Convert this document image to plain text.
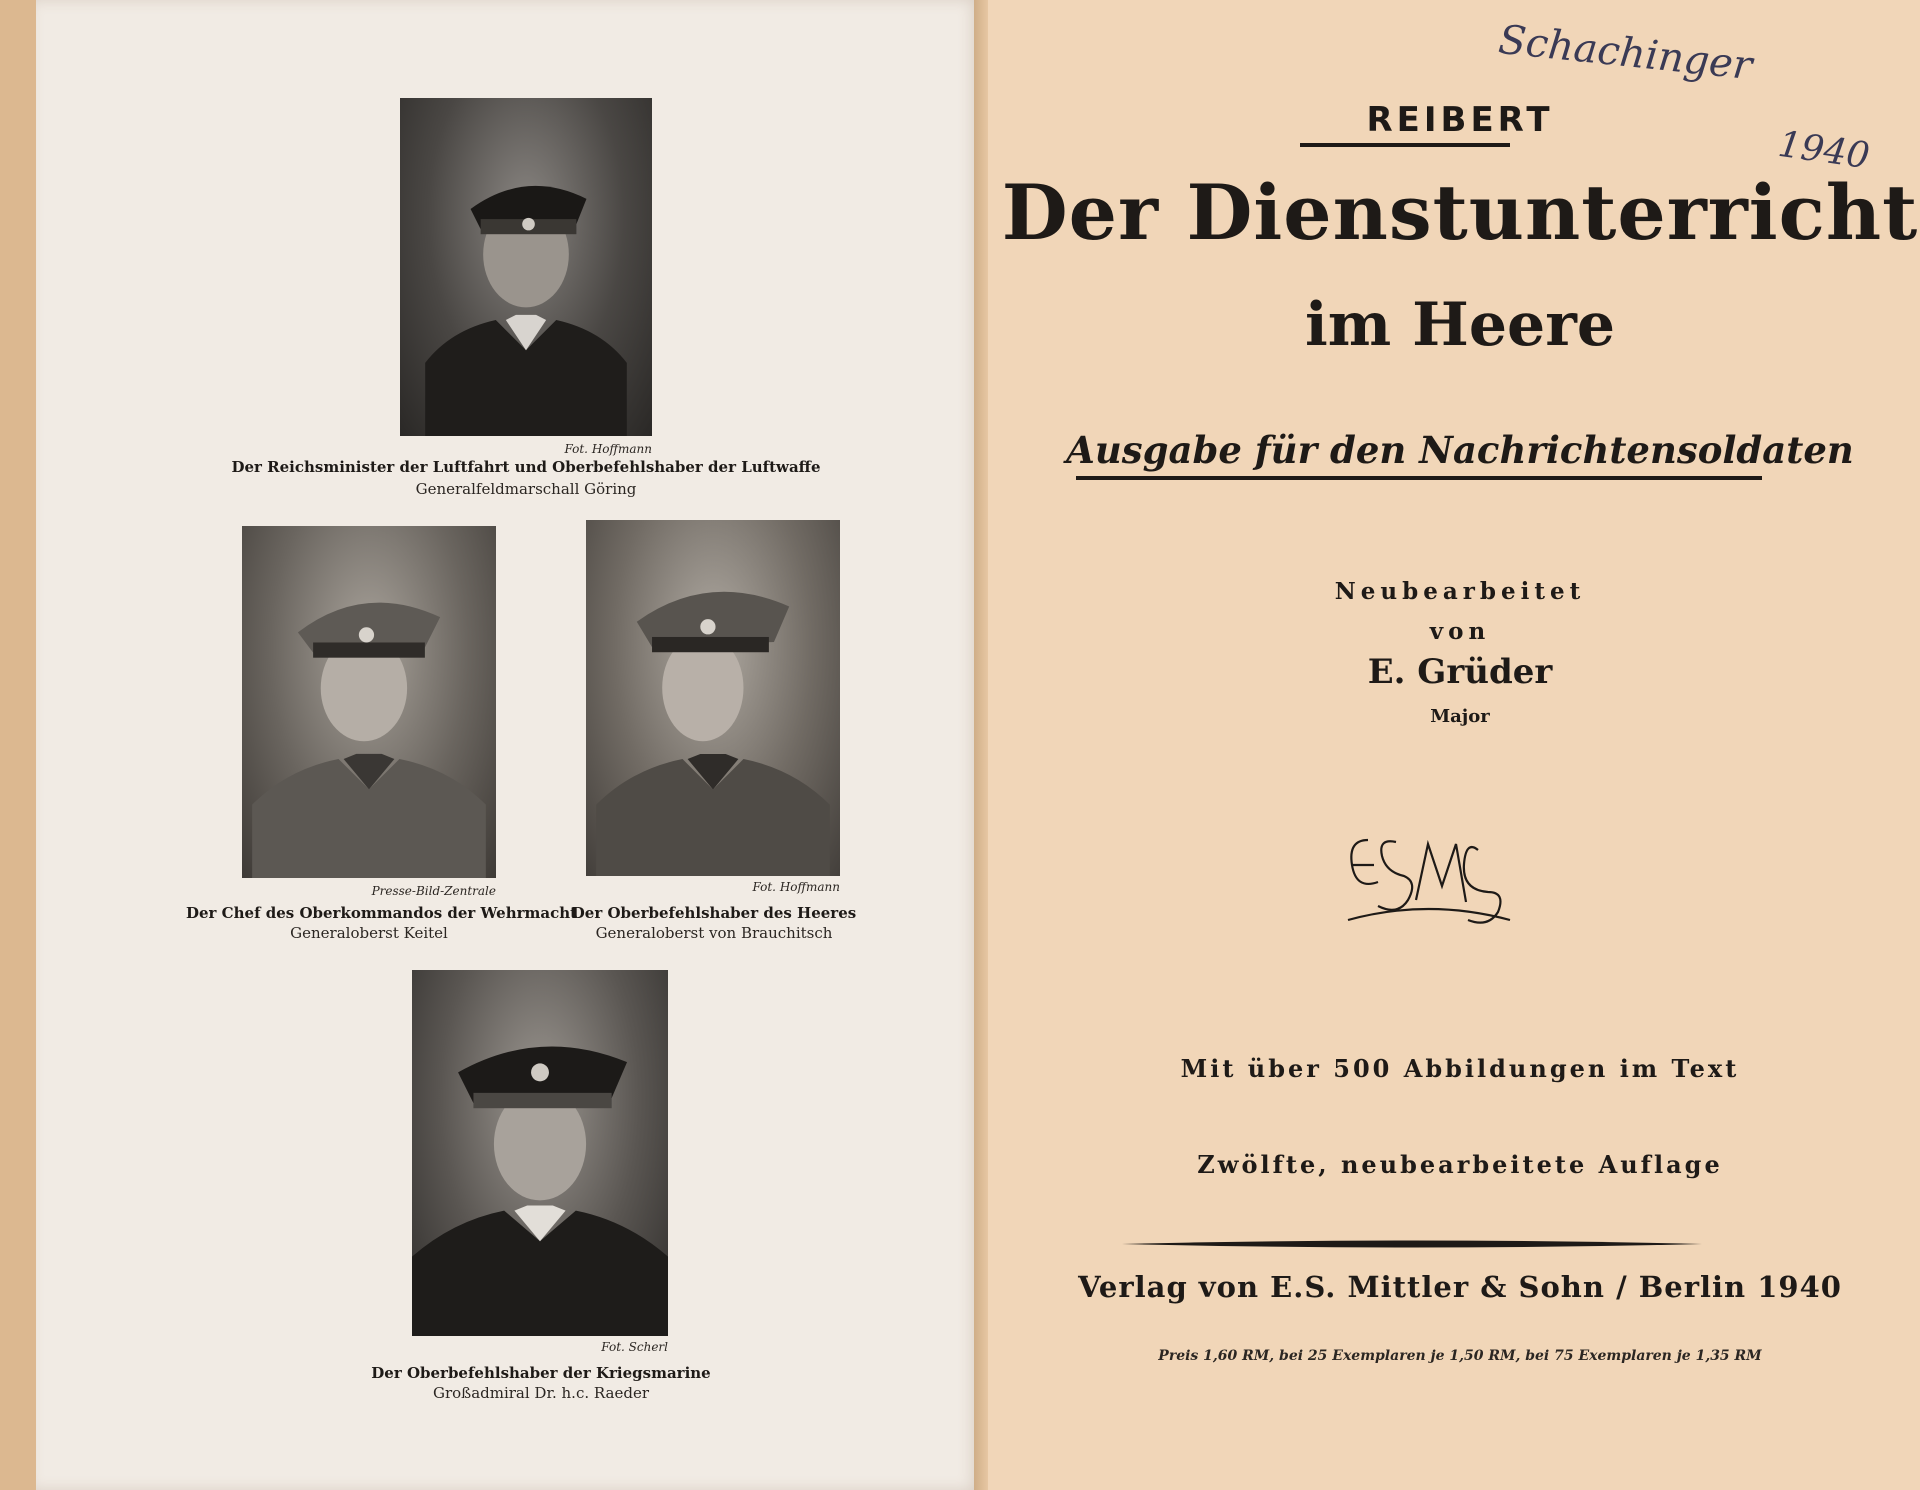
Fot. Hoffmann
Der Reichsminister der Luftfahrt und Oberbefehlshaber der Luftwaffe
Generalfeldmarschall Göring
Presse-Bild-Zentrale
Der Chef des Oberkommandos der Wehrmacht
Generaloberst Keitel
Fot. Hoffmann
Der Oberbefehlshaber des Heeres
Generaloberst von Brauchitsch
Fot. Scherl
Der Oberbefehlshaber der Kriegsmarine
Großadmiral Dr. h.c. Raeder
Schachinger
1940
REIBERT
Der Dienstunterricht
im Heere
Ausgabe für den Nachrichtensoldaten
Neubearbeitet
von
E. Grüder
Major
Mit über 500 Abbildungen im Text
Zwölfte, neubearbeitete Auflage
Verlag von E.S. Mittler & Sohn / Berlin 1940
Preis 1,60 RM, bei 25 Exemplaren je 1,50 RM, bei 75 Exemplaren je 1,35 RM
